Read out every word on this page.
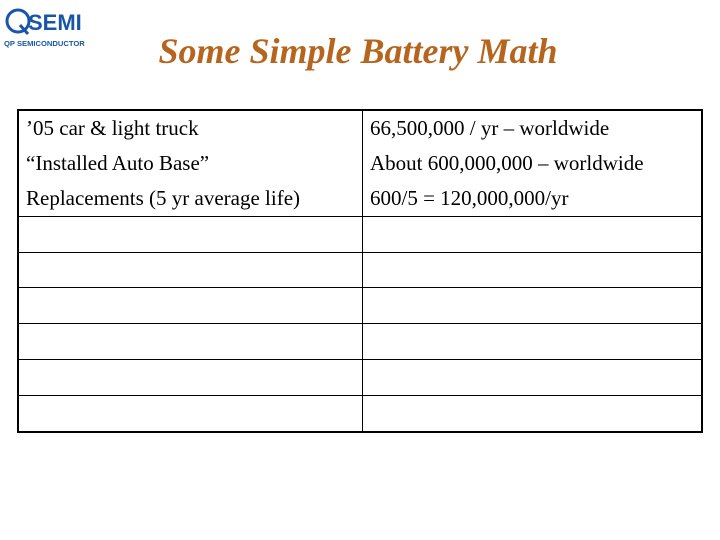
SEMI
QP SEMICONDUCTOR	Some Simple Battery Math
’05 car & light truck	66,500,000 / yr – worldwide
“Installed Auto Base”	About 600,000,000 – worldwide
Replacements (5 yr average life)	600/5 = 120,000,000/yr
